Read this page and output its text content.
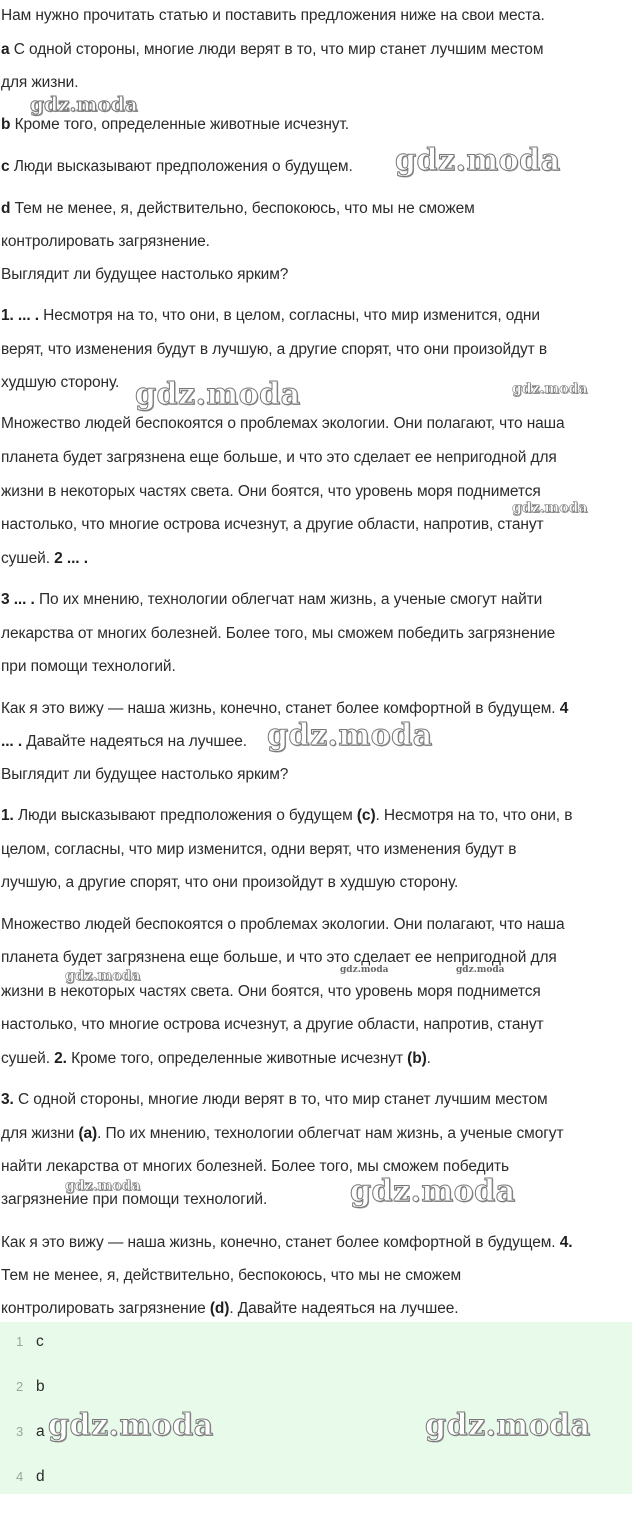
Нам нужно прочитать статью и поставить предложения ниже на свои места.
a С одной стороны, многие люди верят в то, что мир станет лучшим местом
для жизни.
b Кроме того, определенные животные исчезнут.
c Люди высказывают предположения о будущем.
d Тем не менее, я, действительно, беспокоюсь, что мы не сможем
контролировать загрязнение.
Выглядит ли будущее настолько ярким?
1. ... . Несмотря на то, что они, в целом, согласны, что мир изменится, одни
верят, что изменения будут в лучшую, а другие спорят, что они произойдут в
худшую сторону.
Множество людей беспокоятся о проблемах экологии. Они полагают, что наша
планета будет загрязнена еще больше, и что это сделает ее непригодной для
жизни в некоторых частях света. Они боятся, что уровень моря поднимется
настолько, что многие острова исчезнут, а другие области, напротив, станут
сушей. 2 ... .
3 ... . По их мнению, технологии облегчат нам жизнь, а ученые смогут найти
лекарства от многих болезней. Более того, мы сможем победить загрязнение
при помощи технологий.
Как я это вижу — наша жизнь, конечно, станет более комфортной в будущем. 4
... . Давайте надеяться на лучшее.
Выглядит ли будущее настолько ярким?
1. Люди высказывают предположения о будущем (c). Несмотря на то, что они, в
целом, согласны, что мир изменится, одни верят, что изменения будут в
лучшую, а другие спорят, что они произойдут в худшую сторону.
Множество людей беспокоятся о проблемах экологии. Они полагают, что наша
планета будет загрязнена еще больше, и что это сделает ее непригодной для
жизни в некоторых частях света. Они боятся, что уровень моря поднимется
настолько, что многие острова исчезнут, а другие области, напротив, станут
сушей. 2. Кроме того, определенные животные исчезнут (b).
3. С одной стороны, многие люди верят в то, что мир станет лучшим местом
для жизни (a). По их мнению, технологии облегчат нам жизнь, а ученые смогут
найти лекарства от многих болезней. Более того, мы сможем победить
загрязнение при помощи технологий.
Как я это вижу — наша жизнь, конечно, станет более комфортной в будущем. 4.
Тем не менее, я, действительно, беспокоюсь, что мы не сможем
контролировать загрязнение (d). Давайте надеяться на лучшее.
1 c
2 b
3 a
4 d
gdz.moda
gdz.moda
gdz.moda	gdz.moda
gdz.moda
gdz.moda
gdz.moda	gdz.moda	gdz.moda
gdz.moda	gdz.moda
gdz.moda	gdz.moda
